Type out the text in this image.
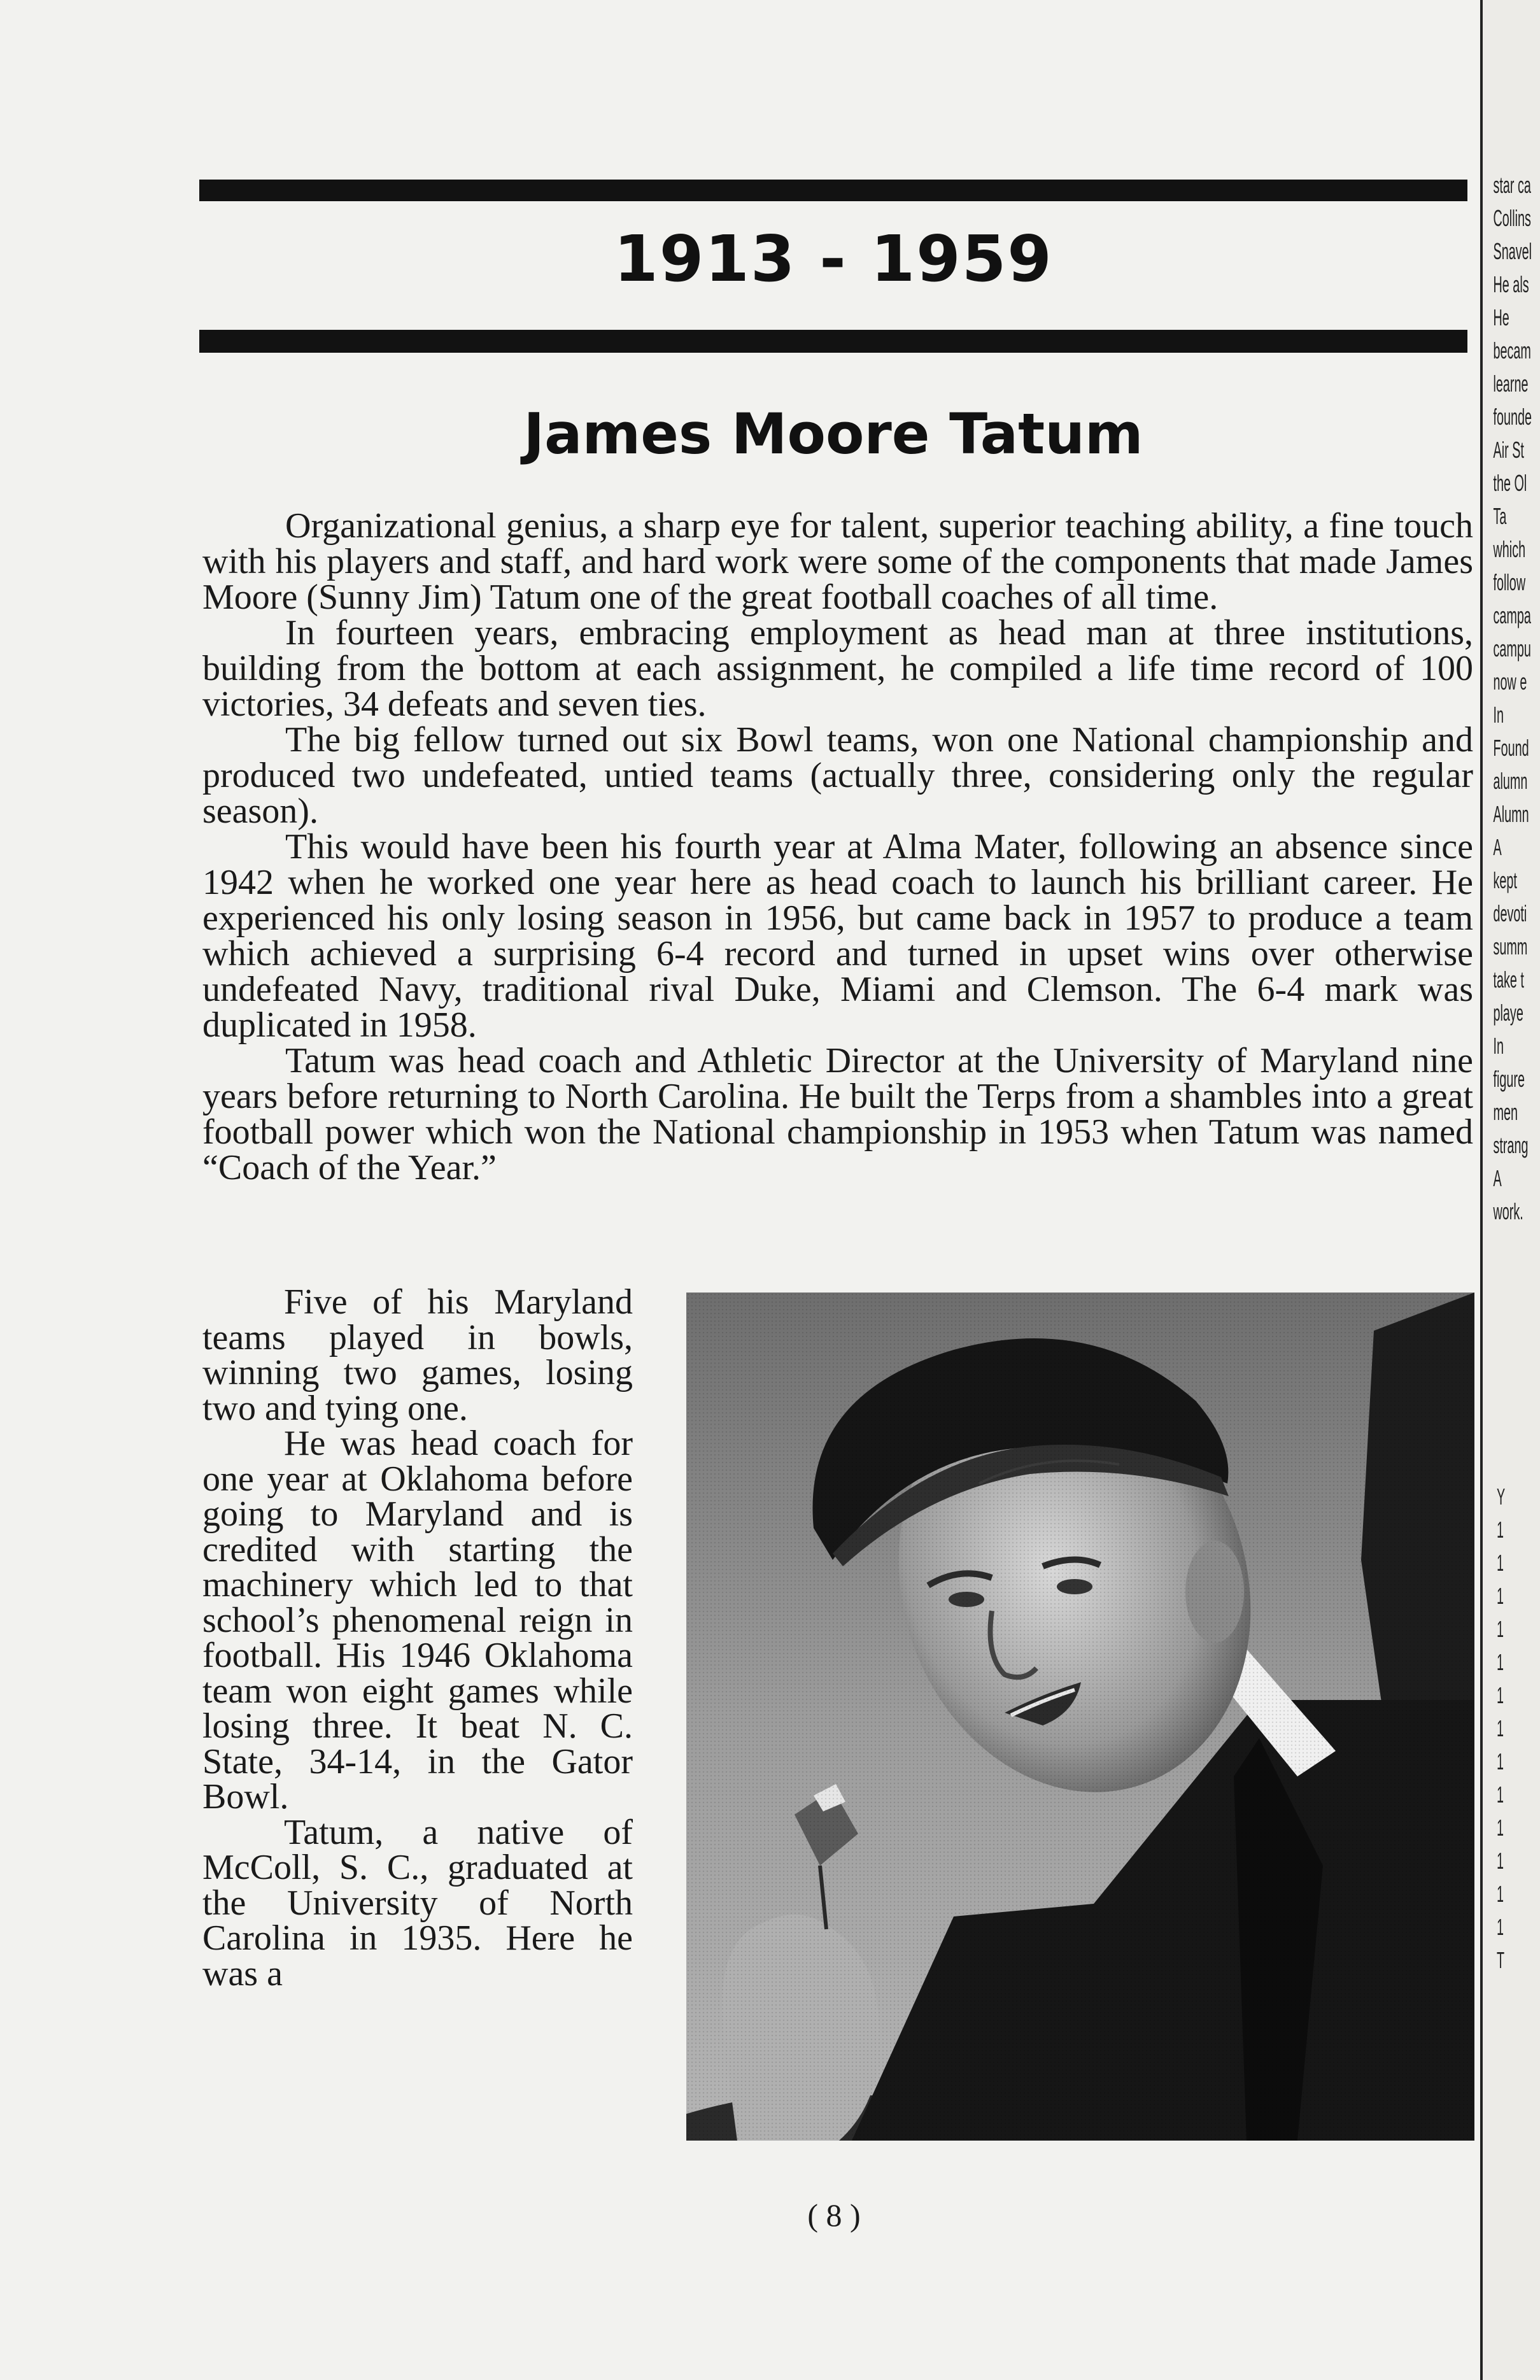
1913 - 1959
James Moore Tatum

Organizational genius, a sharp eye for talent, superior teaching ability, a fine touch with his players and staff, and hard work were some of the components that made James Moore (Sunny Jim) Tatum one of the great football coaches of all time.

In fourteen years, embracing employment as head man at three institutions, building from the bottom at each assignment, he compiled a life time record of 100 victories, 34 defeats and seven ties.

The big fellow turned out six Bowl teams, won one National championship and produced two undefeated, untied teams (actually three, considering only the regular season).

This would have been his fourth year at Alma Mater, following an absence since 1942 when he worked one year here as head coach to launch his brilliant career. He experienced his only losing season in 1956, but came back in 1957 to produce a team which achieved a surprising 6-4 record and turned in upset wins over otherwise undefeated Navy, traditional rival Duke, Miami and Clemson. The 6-4 mark was duplicated in 1958.

Tatum was head coach and Athletic Director at the University of Maryland nine years before returning to North Carolina. He built the Terps from a shambles into a great football power which won the National championship in 1953 when Tatum was named “Coach of the Year.”

Five of his Maryland teams played in bowls, winning two games, losing two and tying one.

He was head coach for one year at Oklahoma before going to Maryland and is credited with starting the machinery which led to that school’s phenomenal reign in football. His 1946 Oklahoma team won eight games while losing three. It beat N. C. State, 34-14, in the Gator Bowl.

Tatum, a native of McColl, S. C., graduated at the University of North Carolina in 1935. Here he was a

( 8 )
star ca
Collins
Snavel
He als
He
becam
learne
founde
Air St
the Ol
Ta
which
follow
campa
campu
now e
In
Found
alumn
Alumn
A
kept
devoti
summ
take t
playe
In
figure
men
strang
A
work.
Y
1
1
1
1
1
1
1
1
1
1
1
1
1
T
